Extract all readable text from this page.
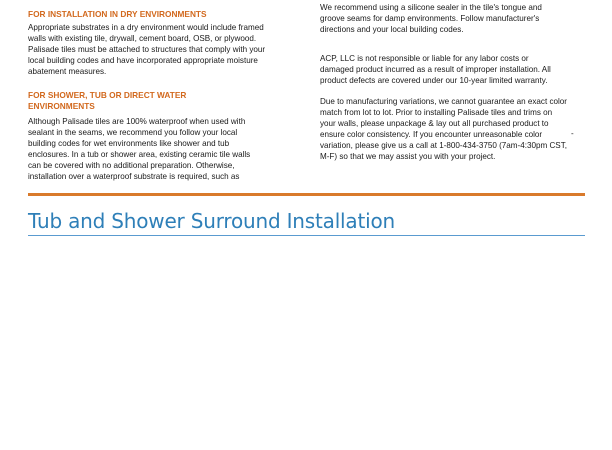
FOR INSTALLATION IN DRY ENVIRONMENTS

Appropriate substrates in a dry environment would include framed walls with existing tile, drywall, cement board, OSB, or plywood. Palisade tiles must be attached to structures that comply with your local building codes and have incorporated appropriate moisture abatement measures.

FOR SHOWER, TUB OR DIRECT WATER ENVIRONMENTS

Although Palisade tiles are 100% waterproof when used with sealant in the seams, we recommend you follow your local building codes for wet environments like shower and tub enclosures. In a tub or shower area, existing ceramic tile walls can be covered with no additional preparation. Otherwise, installation over a waterproof substrate is required, such as

We recommend using a silicone sealer in the tile's tongue and groove seams for damp environments. Follow manufacturer's directions and your local building codes.

ACP, LLC is not responsible or liable for any labor costs or damaged product incurred as a result of improper installation. All product defects are covered under our 10-year limited warranty.

Due to manufacturing variations, we cannot guarantee an exact color match from lot to lot. Prior to installing Palisade tiles and trims on your walls, please unpackage & lay out all purchased product to ensure color consistency. If you encounter unreasonable color variation, please give us a call at 1-800-434-3750 (7am-4:30pm CST, M-F) so that we may assist you with your project.

-
Tub and Shower Surround Installation
